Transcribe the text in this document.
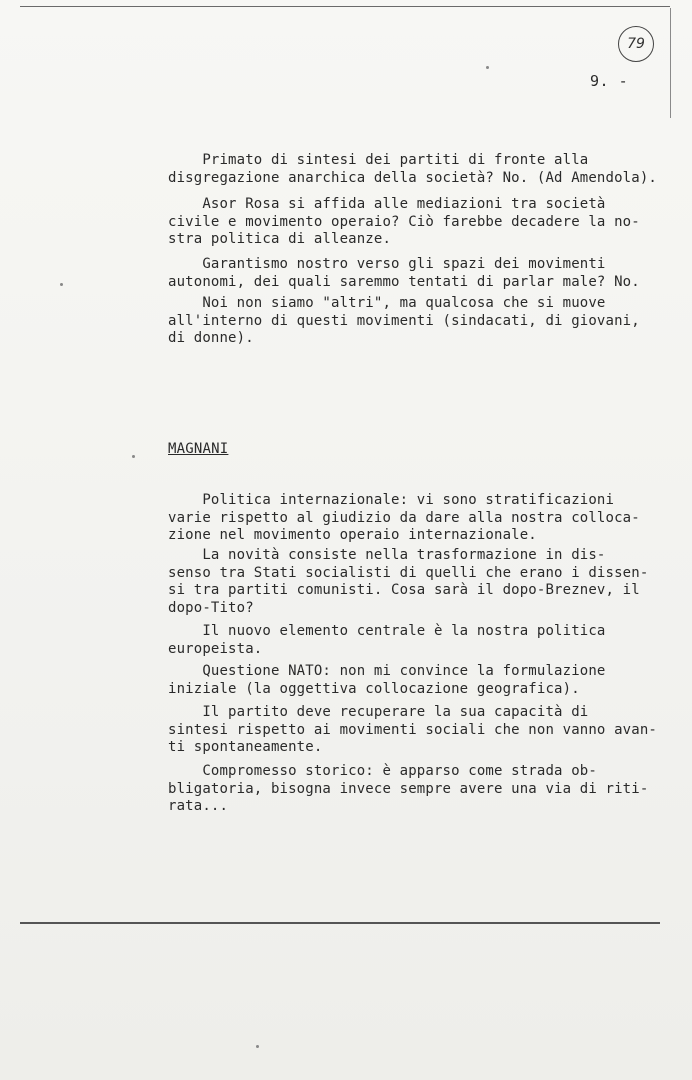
79
9. -

Primato di sintesi dei partiti di fronte alla
disgregazione anarchica della società? No. (Ad Amendola).

Asor Rosa si affida alle mediazioni tra società
civile e movimento operaio? Ciò farebbe decadere la no-
stra politica di alleanze.

Garantismo nostro verso gli spazi dei movimenti
autonomi, dei quali saremmo tentati di parlar male? No.

Noi non siamo "altri", ma qualcosa che si muove
all'interno di questi movimenti (sindacati, di giovani,
di donne).

MAGNANI

Politica internazionale: vi sono stratificazioni
varie rispetto al giudizio da dare alla nostra colloca-
zione nel movimento operaio internazionale.

La novità consiste nella trasformazione in dis-
senso tra Stati socialisti di quelli che erano i dissen-
si tra partiti comunisti. Cosa sarà il dopo-Breznev, il
dopo-Tito?

Il nuovo elemento centrale è la nostra politica
europeista.

Questione NATO: non mi convince la formulazione
iniziale (la oggettiva collocazione geografica).

Il partito deve recuperare la sua capacità di
sintesi rispetto ai movimenti sociali che non vanno avan-
ti spontaneamente.

Compromesso storico: è apparso come strada ob-
bligatoria, bisogna invece sempre avere una via di riti-
rata...
